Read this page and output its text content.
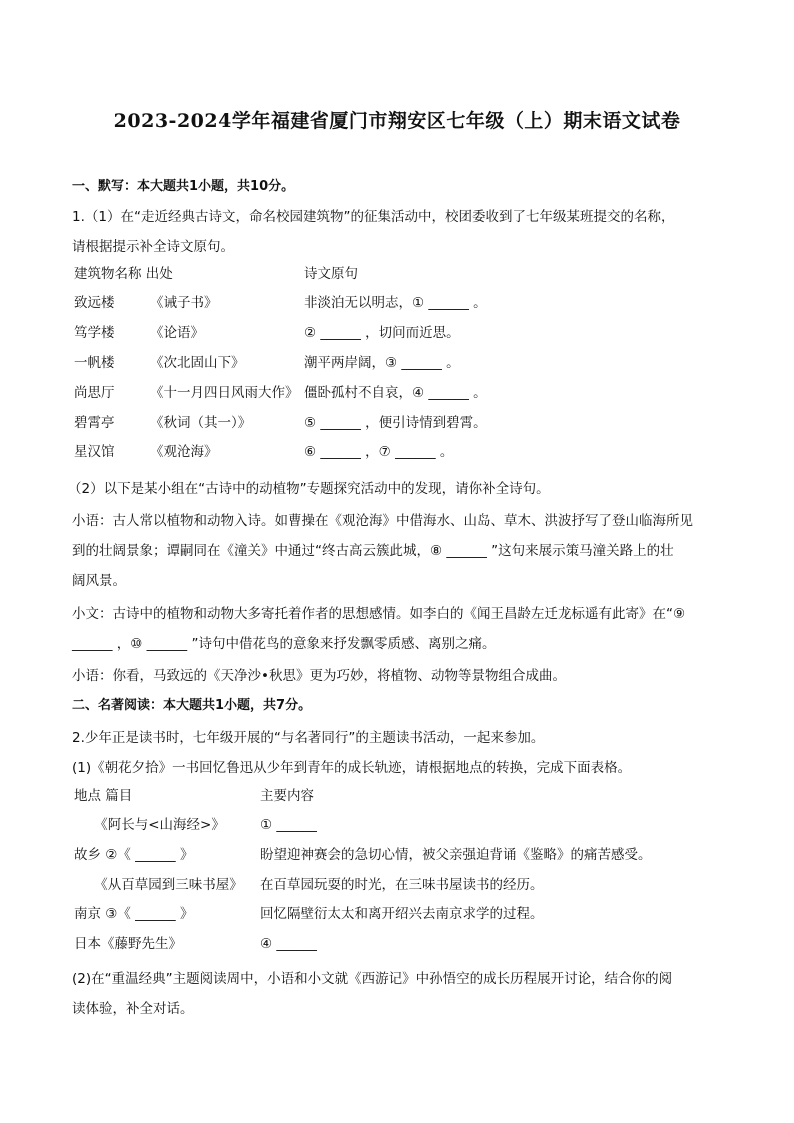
2023-2024学年福建省厦门市翔安区七年级（上）期末语文试卷
一、默写：本大题共1小题，共10分。
1.（1）在“走近经典古诗文，命名校园建筑物”的征集活动中，校团委收到了七年级某班提交的名称，
请根据提示补全诗文原句。
建筑物名称 出处	诗文原句
致远楼	《诫子书》	非淡泊无以明志，① ______ 。
笃学楼	《论语》	② ______ ，切问而近思。
一帆楼	《次北固山下》	潮平两岸阔，③ ______ 。
尚思厅	《十一月四日风雨大作》 僵卧孤村不自哀，④ ______ 。
碧霄亭	《秋词（其一）》	⑤ ______ ，便引诗情到碧霄。
星汉馆	《观沧海》	⑥ ______ ，⑦ ______ 。
（2）以下是某小组在“古诗中的动植物”专题探究活动中的发现，请你补全诗句。
小语：古人常以植物和动物入诗。如曹操在《观沧海》中借海水、山岛、草木、洪波抒写了登山临海所见
到的壮阔景象；谭嗣同在《潼关》中通过“终古高云簇此城，⑧ ______ ”这句来展示策马潼关路上的壮
阔风景。
小文：古诗中的植物和动物大多寄托着作者的思想感情。如李白的《闻王昌龄左迁龙标遥有此寄》在“⑨
______ ，⑩ ______ ”诗句中借花鸟的意象来抒发飘零质感、离别之痛。
小语：你看，马致远的《天净沙•秋思》更为巧妙，将植物、动物等景物组合成曲。
二、名著阅读：本大题共1小题，共7分。
2.少年正是读书时，七年级开展的“与名著同行”的主题读书活动，一起来参加。
(1)《朝花夕拾》一书回忆鲁迅从少年到青年的成长轨迹，请根据地点的转换，完成下面表格。
地点 篇目	主要内容
　　《阿长与<山海经>》	① ______
故乡 ②《 ______ 》	盼望迎神赛会的急切心情，被父亲强迫背诵《鉴略》的痛苦感受。
　　《从百草园到三味书屋》 在百草园玩耍的时光，在三味书屋读书的经历。
南京 ③《 ______ 》	回忆隔壁衍太太和离开绍兴去南京求学的过程。
日本《藤野先生》	④ ______
(2)在“重温经典”主题阅读周中，小语和小文就《西游记》中孙悟空的成长历程展开讨论，结合你的阅
读体验，补全对话。
